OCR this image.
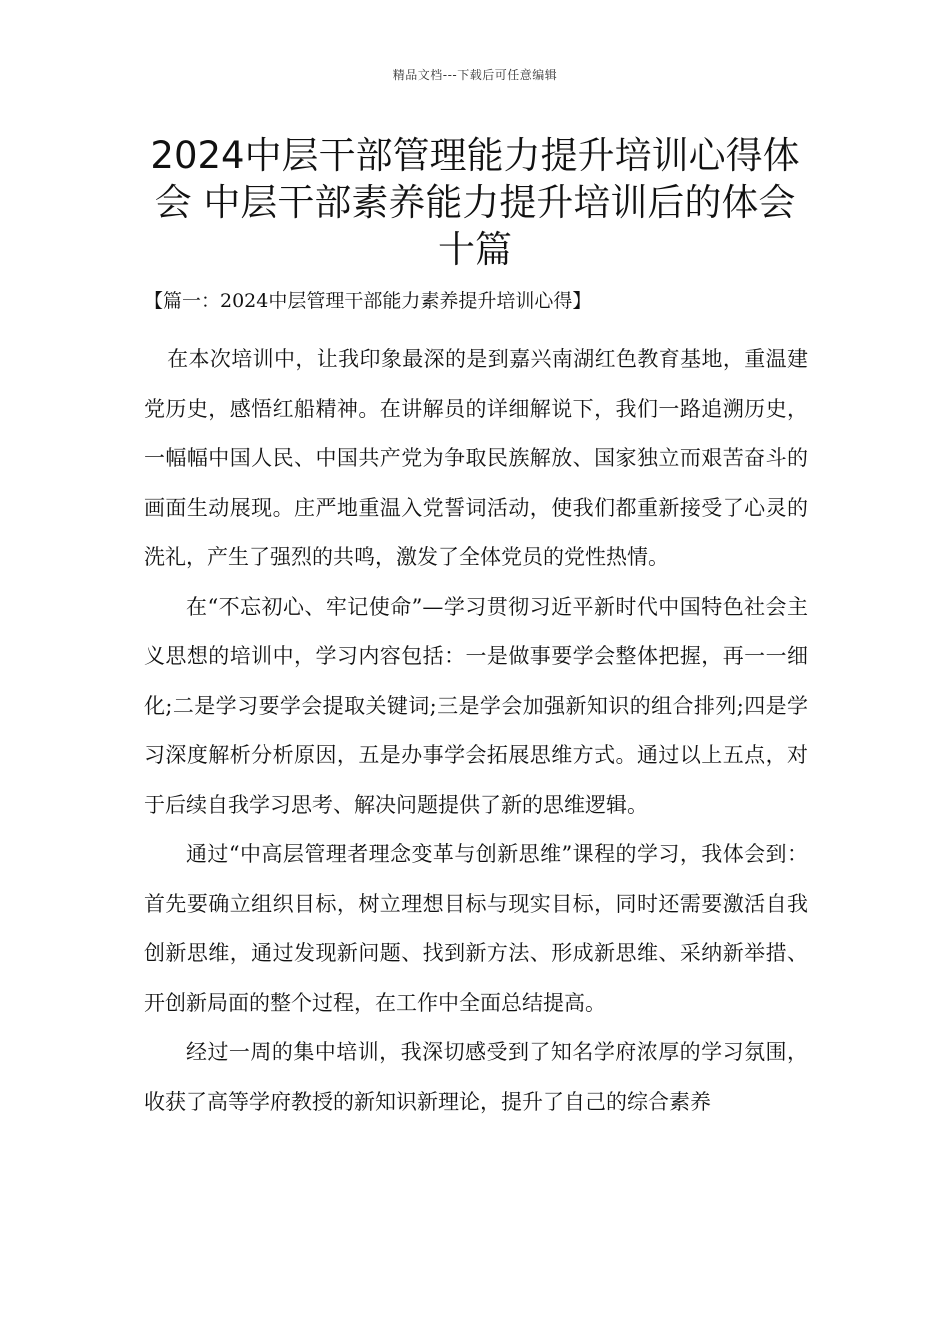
精品文档---下载后可任意编辑
2024中层干部管理能力提升培训心得体会 中层干部素养能力提升培训后的体会十篇
【篇一：2024中层管理干部能力素养提升培训心得】

在本次培训中，让我印象最深的是到嘉兴南湖红色教育基地，重温建党历史，感悟红船精神。在讲解员的详细解说下，我们一路追溯历史，一幅幅中国人民、中国共产党为争取民族解放、国家独立而艰苦奋斗的画面生动展现。庄严地重温入党誓词活动，使我们都重新接受了心灵的洗礼，产生了强烈的共鸣，激发了全体党员的党性热情。

在“不忘初心、牢记使命”—学习贯彻习近平新时代中国特色社会主义思想的培训中，学习内容包括：一是做事要学会整体把握，再一一细化;二是学习要学会提取关键词;三是学会加强新知识的组合排列;四是学习深度解析分析原因，五是办事学会拓展思维方式。通过以上五点，对于后续自我学习思考、解决问题提供了新的思维逻辑。

通过“中高层管理者理念变革与创新思维”课程的学习，我体会到：首先要确立组织目标，树立理想目标与现实目标，同时还需要激活自我创新思维，通过发现新问题、找到新方法、形成新思维、采纳新举措、开创新局面的整个过程，在工作中全面总结提高。

经过一周的集中培训，我深切感受到了知名学府浓厚的学习氛围，收获了高等学府教授的新知识新理论，提升了自己的综合素养
